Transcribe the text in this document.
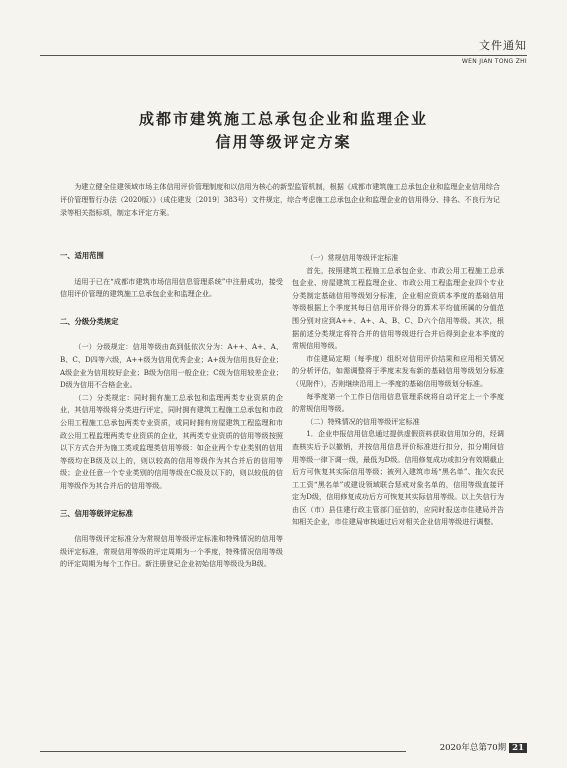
文件通知
WEN JIAN TONG ZHI
成都市建筑施工总承包企业和监理企业
信用等级评定方案
为建立健全住建领域市场主体信用评价管理制度和以信用为核心的新型监管机制，根据《成都市建筑施工总承包企业和监理企业信用综合评价管理暂行办法（2020版）》（成住建发〔2019〕383号）文件规定，综合考虑施工总承包企业和监理企业的信用得分、排名、不良行为记录等相关指标项，制定本评定方案。

一、适用范围

适用于已在“成都市建筑市场信用信息管理系统”中注册成功，接受信用评价管理的建筑施工总承包企业和监理企业。

二、分级分类规定

（一）分级规定：信用等级由高到低依次分为：A++、A+、A、B、C、D四等六级，A++级为信用优秀企业；A+级为信用良好企业；A级企业为信用较好企业；B级为信用一般企业；C级为信用较差企业；D级为信用不合格企业。

（二）分类规定：同时拥有施工总承包和监理两类专业资质的企业，其信用等级将分类进行评定，同时拥有建筑工程施工总承包和市政公用工程施工总承包两类专业资质，或同时拥有房屋建筑工程监理和市政公用工程监理两类专业资质的企业，其两类专业资质的信用等级按照以下方式合并为施工类或监理类信用等级：如企业两个专业类别的信用等级均在B级及以上的，则以较高的信用等级作为其合并后的信用等级；企业任意一个专业类别的信用等级在C级及以下的，则以较低的信用等级作为其合并后的信用等级。

三、信用等级评定标准

信用等级评定标准分为常规信用等级评定标准和特殊情况的信用等级评定标准，常规信用等级的评定周期为一个季度，特殊情况信用等级的评定周期为每个工作日。新注册登记企业初始信用等级设为B级。

（一）常规信用等级评定标准

首先，按照建筑工程施工总承包企业、市政公用工程施工总承包企业、房屋建筑工程监理企业、市政公用工程监理企业四个专业分类制定基础信用等级划分标准，企业相应资质本季度的基础信用等级根据上个季度其每日信用评价得分的算术平均值所属的分值范围分别对应到A++、A+、A、B、C、D六个信用等级。其次，根据前述分类规定将符合并的信用等级进行合并后得到企业本季度的常规信用等级。

市住建局定期（每季度）组织对信用评价结果和应用相关情况的分析评估，如需调整将于季度末发布新的基础信用等级划分标准（见附件），否则继续沿用上一季度的基础信用等级划分标准。

每季度第一个工作日信用信息管理系统将自动评定上一个季度的常规信用等级。

（二）特殊情况的信用等级评定标准

1．企业申报信用信息通过提供虚假资料获取信用加分的，经调查核实后予以撤销，并按信用信息评价标准进行扣分，扣分期间信用等级一律下调一级，最低为D级。信用修复成功或扣分有效期截止后方可恢复其实际信用等级；被列入建筑市场“黑名单”、拖欠农民工工资“黑名单”或建设领域联合惩戒对象名单的，信用等级直接评定为D级，信用修复成功后方可恢复其实际信用等级。以上失信行为由区（市）县住建行政主管部门征信的，应同时报送市住建局并告知相关企业，市住建局审核通过后对相关企业信用等级进行调整。

2020年总第70期 21
